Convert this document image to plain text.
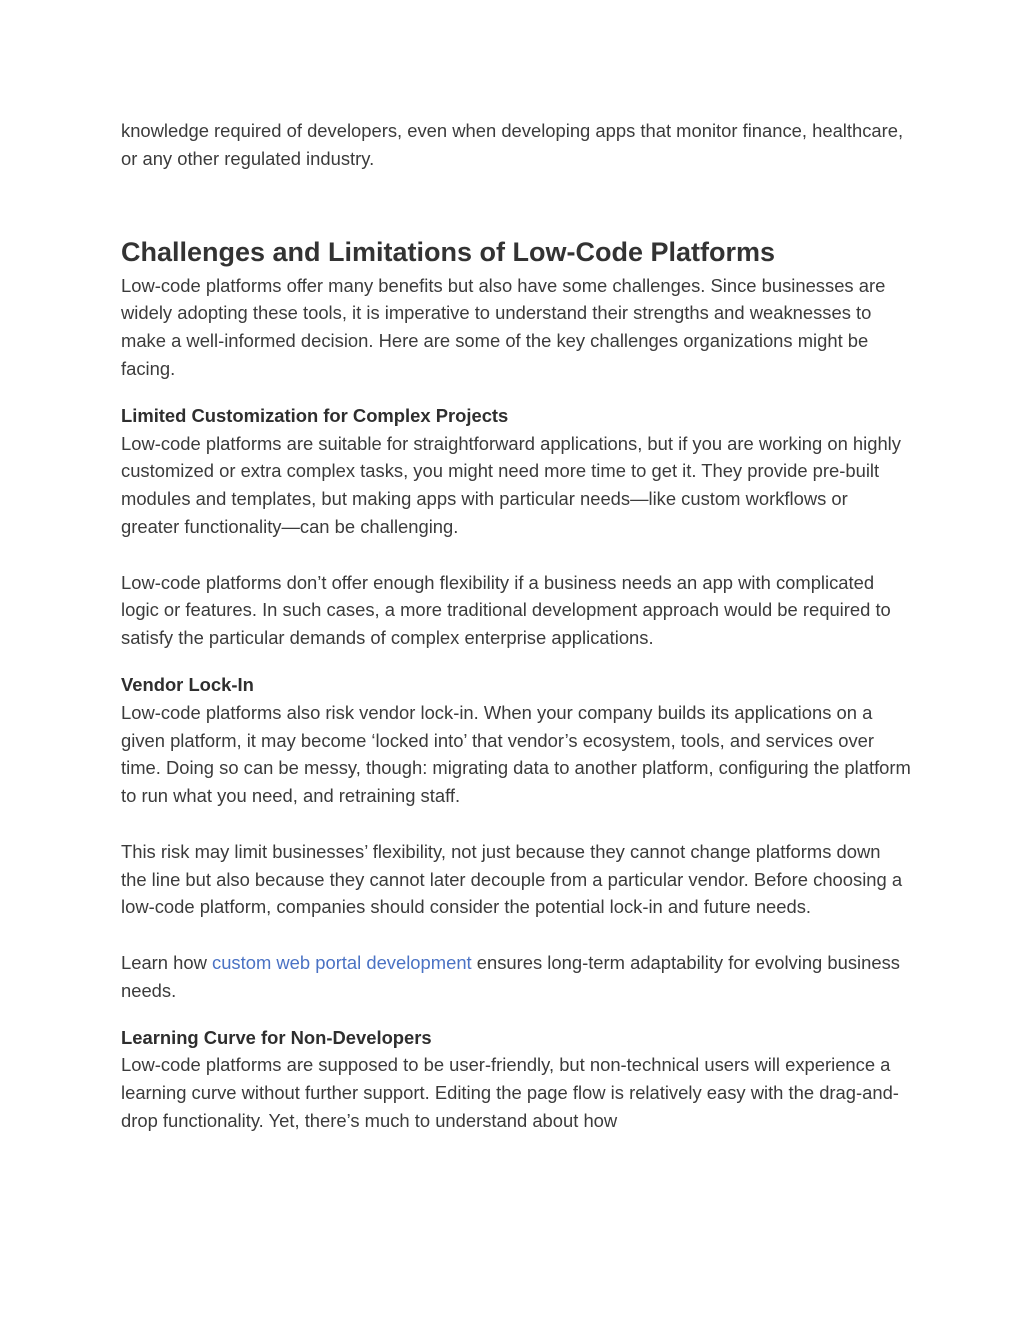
knowledge required of developers, even when developing apps that monitor finance, healthcare, or any other regulated industry.

Challenges and Limitations of Low-Code Platforms

Low-code platforms offer many benefits but also have some challenges. Since businesses are widely adopting these tools, it is imperative to understand their strengths and weaknesses to make a well-informed decision. Here are some of the key challenges organizations might be facing.

Limited Customization for Complex Projects

Low-code platforms are suitable for straightforward applications, but if you are working on highly customized or extra complex tasks, you might need more time to get it. They provide pre-built modules and templates, but making apps with particular needs—like custom workflows or greater functionality—can be challenging.

Low-code platforms don’t offer enough flexibility if a business needs an app with complicated logic or features. In such cases, a more traditional development approach would be required to satisfy the particular demands of complex enterprise applications.

Vendor Lock-In

Low-code platforms also risk vendor lock-in. When your company builds its applications on a given platform, it may become ‘locked into’ that vendor’s ecosystem, tools, and services over time. Doing so can be messy, though: migrating data to another platform, configuring the platform to run what you need, and retraining staff.

This risk may limit businesses’ flexibility, not just because they cannot change platforms down the line but also because they cannot later decouple from a particular vendor. Before choosing a low-code platform, companies should consider the potential lock-in and future needs.

Learn how custom web portal development ensures long-term adaptability for evolving business needs.

Learning Curve for Non-Developers

Low-code platforms are supposed to be user-friendly, but non-technical users will experience a learning curve without further support. Editing the page flow is relatively easy with the drag-and-drop functionality. Yet, there’s much to understand about how
